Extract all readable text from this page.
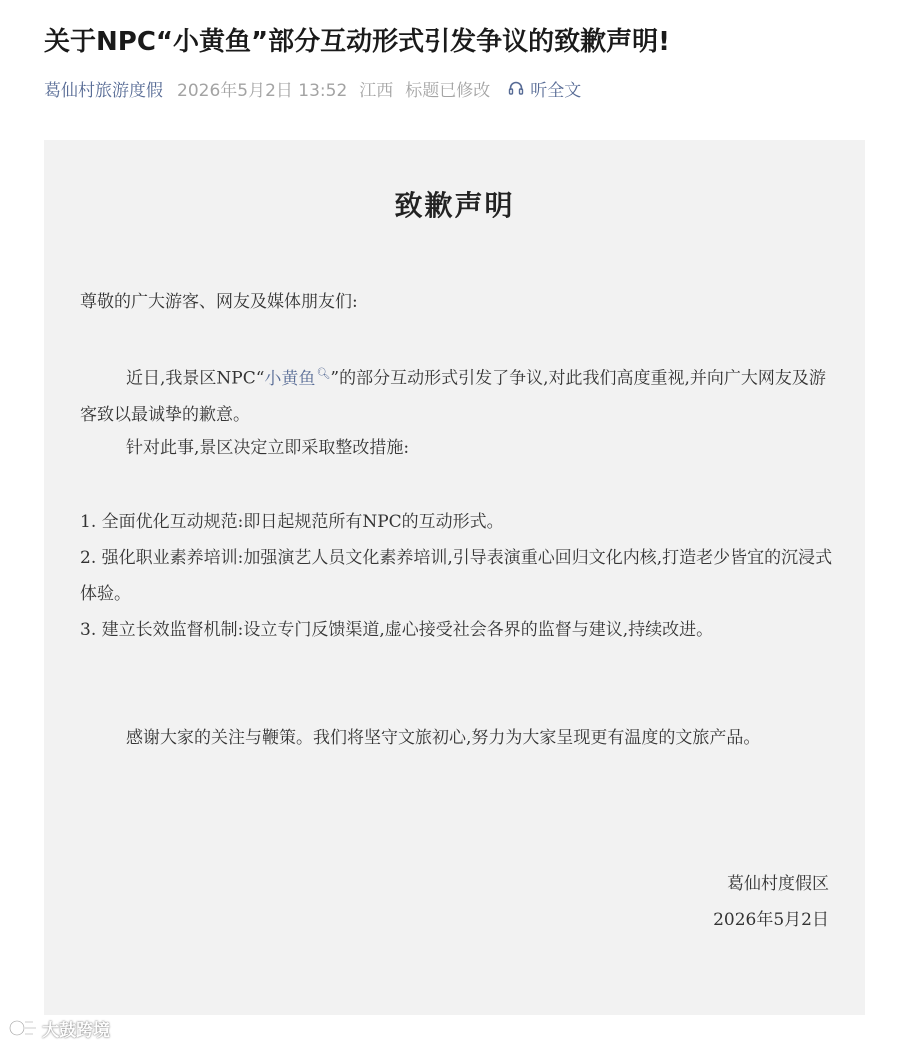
关于NPC“小黄鱼”部分互动形式引发争议的致歉声明!
葛仙村旅游度假 2026年5月2日 13:52 江西 标题已修改 听全文
致歉声明
尊敬的广大游客、网友及媒体朋友们:
近日,我景区NPC“小黄鱼🔍︎”的部分互动形式引发了争议,对此我们高度重视,并向广大网友及游客致以最诚挚的歉意。
针对此事,景区决定立即采取整改措施:
1. 全面优化互动规范:即日起规范所有NPC的互动形式。
2. 强化职业素养培训:加强演艺人员文化素养培训,引导表演重心回归文化内核,打造老少皆宜的沉浸式体验。
3. 建立长效监督机制:设立专门反馈渠道,虚心接受社会各界的监督与建议,持续改进。
感谢大家的关注与鞭策。我们将坚守文旅初心,努力为大家呈现更有温度的文旅产品。
葛仙村度假区
2026年5月2日
大鼓跨境
